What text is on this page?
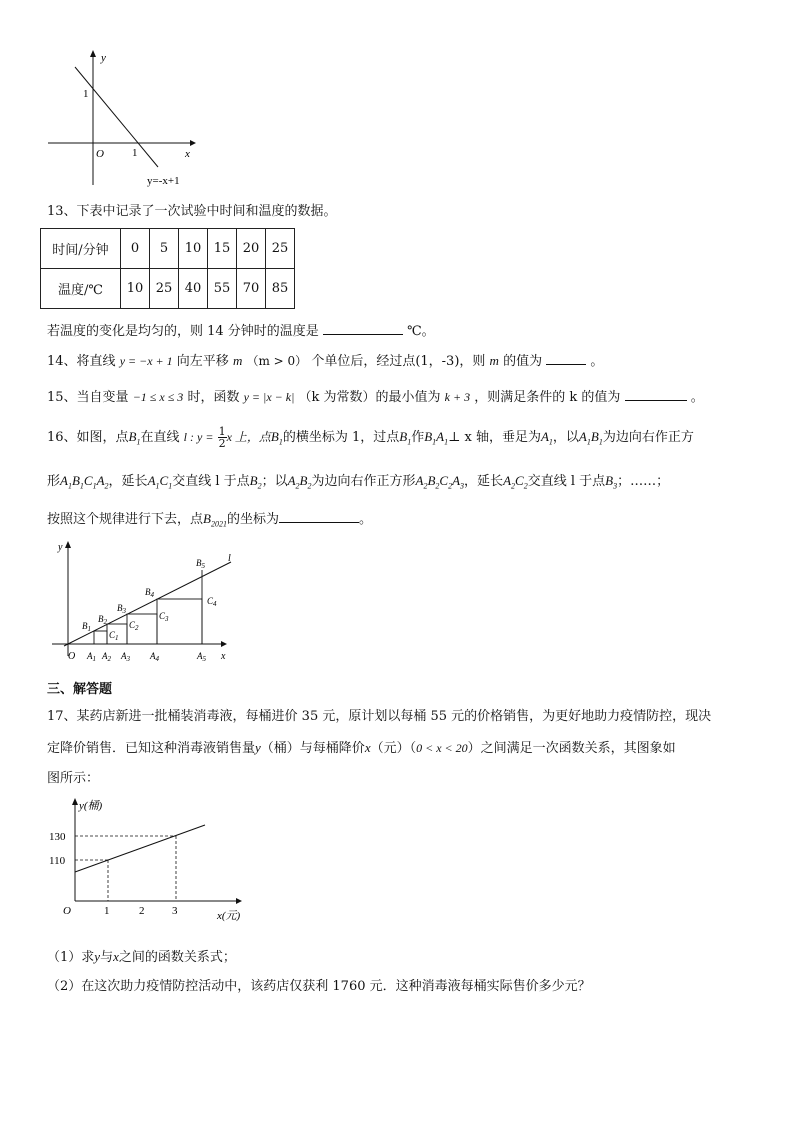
y
1
O	1	x
y=-x+1
13、下表中记录了一次试验中时间和温度的数据。
时间/分钟	0	5	10	15	20	25
温度/℃	10	25	40	55	70	85
若温度的变化是均匀的，则 14 分钟时的温度是	℃。
14、将直线 y = −x + 1 向左平移 m （m > 0） 个单位后，经过点(1，-3)，则 m 的值为	。
15、当自变量 −1 ≤ x ≤ 3 时，函数 y = |x − k| （k 为常数）的最小值为 k + 3 ，则满足条件的 k 的值为	。
16、如图，点$B_1$在直线 l : $y = \frac{1}{2}$ x 上，点$B_1$的横坐标为 1，过点$B_1$作$B_1A_1\perp$ x 轴，垂足为$A_1$，以$A_1B_1$为边向右作正方
形$A_1B_1C_1A_2$，延长$A_1C_1$交直线 l 于点$B_2$；以$A_2B_2$为边向右作正方形$A_2B_2C_2A_3$，延长$A_2C_2$交直线 l 于点$B_3$；……；
按照这个规律进行下去，点$B_{2021}$的坐标为	。
y
l
O	x
$A_1$ $A_2$ $A_3$ $A_4$	$A_5$
$B_1$
$B_2$
$B_3$
$B_4$
$B_5$
$C_1$
$C_2$
$C_3$
$C_4$
三、解答题
17、某药店新进一批桶装消毒液，每桶进价 35 元，原计划以每桶 55 元的价格销售，为更好地助力疫情防控，现决
定降价销售．已知这种消毒液销售量y（桶）与每桶降价x（元）（0 < x < 20）之间满足一次函数关系，其图象如
图所示：
y(桶)
130
110
O	1	2	3	x(元)
（1）求y与x之间的函数关系式；
（2）在这次助力疫情防控活动中，该药店仅获利 1760 元．这种消毒液每桶实际售价多少元？
